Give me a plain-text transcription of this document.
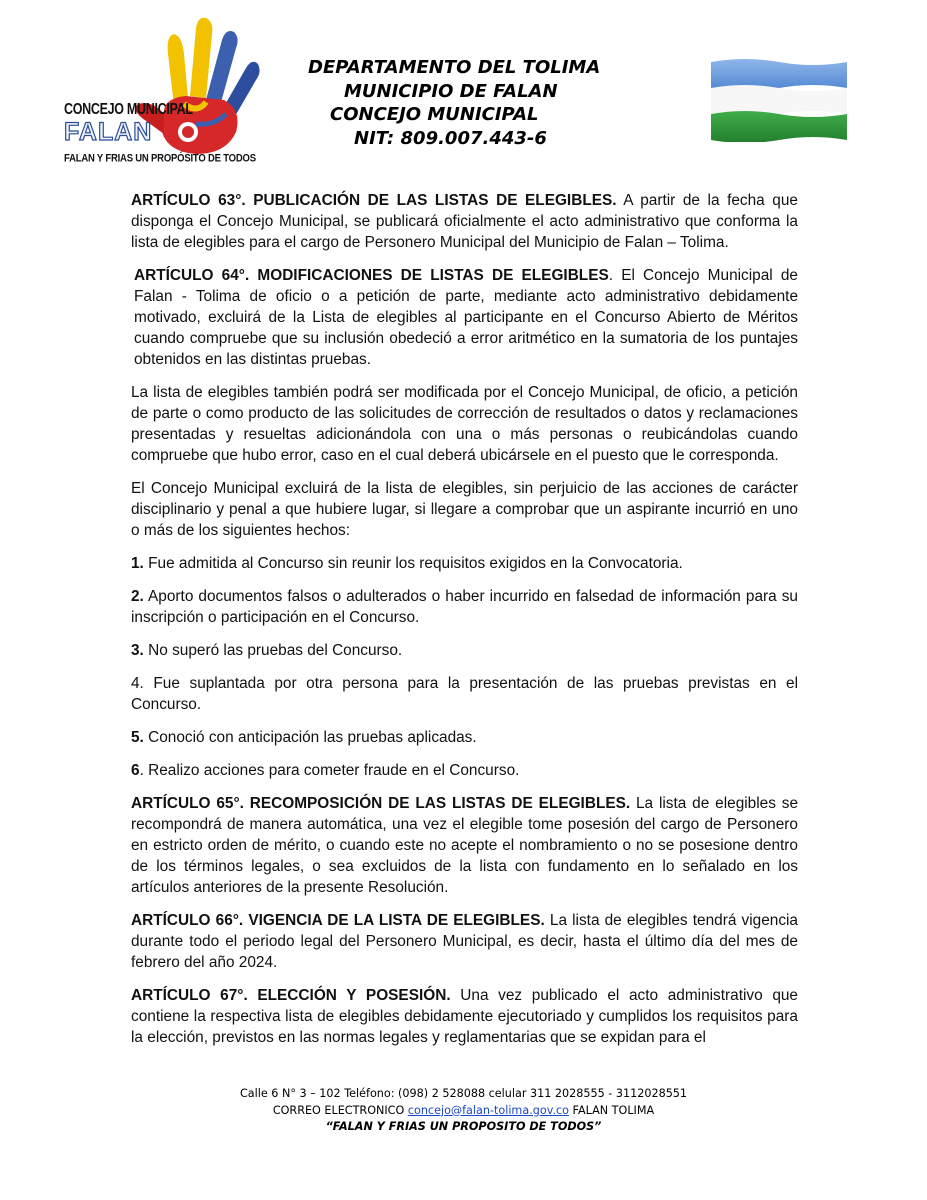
CONCEJO MUNICIPAL
FALAN
FALAN Y FRIAS UN PROPÓSITO DE TODOS
DEPARTAMENTO DEL TOLIMA
MUNICIPIO DE FALAN
CONCEJO MUNICIPAL
NIT: 809.007.443-6

ARTÍCULO 63°. PUBLICACIÓN DE LAS LISTAS DE ELEGIBLES. A partir de la fecha que disponga el Concejo Municipal, se publicará oficialmente el acto administrativo que conforma la lista de elegibles para el cargo de Personero Municipal del Municipio de Falan – Tolima.

ARTÍCULO 64°. MODIFICACIONES DE LISTAS DE ELEGIBLES. El Concejo Municipal de Falan - Tolima de oficio o a petición de parte, mediante acto administrativo debidamente motivado, excluirá de la Lista de elegibles al participante en el Concurso Abierto de Méritos cuando compruebe que su inclusión obedeció a error aritmético en la sumatoria de los puntajes obtenidos en las distintas pruebas.

La lista de elegibles también podrá ser modificada por el Concejo Municipal, de oficio, a petición de parte o como producto de las solicitudes de corrección de resultados o datos y reclamaciones presentadas y resueltas adicionándola con una o más personas o reubicándolas cuando compruebe que hubo error, caso en el cual deberá ubicársele en el puesto que le corresponda.

El Concejo Municipal excluirá de la lista de elegibles, sin perjuicio de las acciones de carácter disciplinario y penal a que hubiere lugar, si llegare a comprobar que un aspirante incurrió en uno o más de los siguientes hechos:

1. Fue admitida al Concurso sin reunir los requisitos exigidos en la Convocatoria.

2. Aporto documentos falsos o adulterados o haber incurrido en falsedad de información para su inscripción o participación en el Concurso.

3. No superó las pruebas del Concurso.

4. Fue suplantada por otra persona para la presentación de las pruebas previstas en el Concurso.

5. Conoció con anticipación las pruebas aplicadas.

6. Realizo acciones para cometer fraude en el Concurso.

ARTÍCULO 65°. RECOMPOSICIÓN DE LAS LISTAS DE ELEGIBLES. La lista de elegibles se recompondrá de manera automática, una vez el elegible tome posesión del cargo de Personero en estricto orden de mérito, o cuando este no acepte el nombramiento o no se posesione dentro de los términos legales, o sea excluidos de la lista con fundamento en lo señalado en los artículos anteriores de la presente Resolución.

ARTÍCULO 66°. VIGENCIA DE LA LISTA DE ELEGIBLES. La lista de elegibles tendrá vigencia durante todo el periodo legal del Personero Municipal, es decir, hasta el último día del mes de febrero del año 2024.

ARTÍCULO 67°. ELECCIÓN Y POSESIÓN. Una vez publicado el acto administrativo que contiene la respectiva lista de elegibles debidamente ejecutoriado y cumplidos los requisitos para la elección, previstos en las normas legales y reglamentarias que se expidan para el

Calle 6 N° 3 – 102 Teléfono: (098) 2 528088 celular 311 2028555 - 3112028551
CORREO ELECTRONICO concejo@falan-tolima.gov.co FALAN TOLIMA
“FALAN Y FRIAS UN PROPOSITO DE TODOS”
